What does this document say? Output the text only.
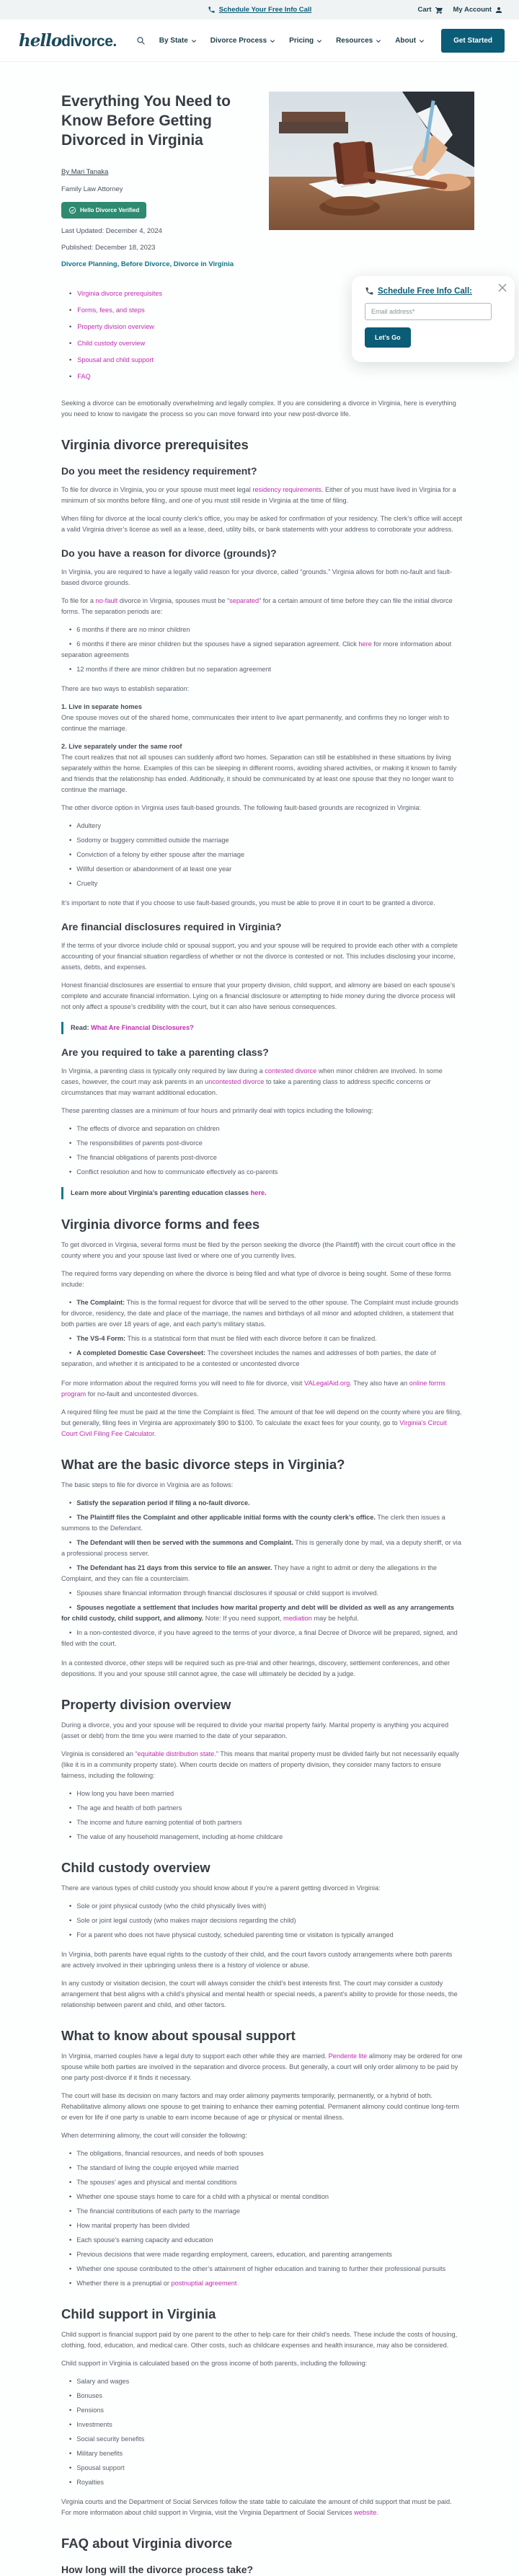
Schedule Your Free Info Call	Cart	My Account
hello divorce.	By State	Divorce Process	Pricing	Resources	About	Get Started
Everything You Need to Know Before Getting Divorced in Virginia
By Mari Tanaka
Family Law Attorney
Hello Divorce Verified
Last Updated: December 4, 2024
Published: December 18, 2023
Divorce Planning, Before Divorce, Divorce in Virginia
• Virginia divorce prerequisites
• Forms, fees, and steps
• Property division overview
• Child custody overview
• Spousal and child support
• FAQ

Seeking a divorce can be emotionally overwhelming and legally complex. If you are considering a divorce in Virginia, here is everything you need to know to navigate the process so you can move forward into your new post-divorce life.

Virginia divorce prerequisites
Do you meet the residency requirement?

To file for divorce in Virginia, you or your spouse must meet legal residency requirements. Either of you must have lived in Virginia for a minimum of six months before filing, and one of you must still reside in Virginia at the time of filing.

When filing for divorce at the local county clerk’s office, you may be asked for confirmation of your residency. The clerk’s office will accept a valid Virginia driver’s license as well as a lease, deed, utility bills, or bank statements with your address to corroborate your address.

Do you have a reason for divorce (grounds)?

In Virginia, you are required to have a legally valid reason for your divorce, called “grounds.” Virginia allows for both no-fault and fault-based divorce grounds.

To file for a no-fault divorce in Virginia, spouses must be “separated” for a certain amount of time before they can file the initial divorce forms. The separation periods are:

• 6 months if there are no minor children
• 6 months if there are minor children but the spouses have a signed separation agreement. Click here for more information about separation agreements
• 12 months if there are minor children but no separation agreement

There are two ways to establish separation:

1. Live in separate homes
One spouse moves out of the shared home, communicates their intent to live apart permanently, and confirms they no longer wish to continue the marriage.

2. Live separately under the same roof
The court realizes that not all spouses can suddenly afford two homes. Separation can still be established in these situations by living separately within the home. Examples of this can be sleeping in different rooms, avoiding shared activities, or making it known to family and friends that the relationship has ended. Additionally, it should be communicated by at least one spouse that they no longer want to continue the marriage.

The other divorce option in Virginia uses fault-based grounds. The following fault-based grounds are recognized in Virginia:

• Adultery
• Sodomy or buggery committed outside the marriage
• Conviction of a felony by either spouse after the marriage
• Willful desertion or abandonment of at least one year
• Cruelty

It’s important to note that if you choose to use fault-based grounds, you must be able to prove it in court to be granted a divorce.

Are financial disclosures required in Virginia?

If the terms of your divorce include child or spousal support, you and your spouse will be required to provide each other with a complete accounting of your financial situation regardless of whether or not the divorce is contested or not. This includes disclosing your income, assets, debts, and expenses.

Honest financial disclosures are essential to ensure that your property division, child support, and alimony are based on each spouse’s complete and accurate financial information. Lying on a financial disclosure or attempting to hide money during the divorce process will not only affect a spouse’s credibility with the court, but it can also have serious consequences.

Read: What Are Financial Disclosures?
Are you required to take a parenting class?

In Virginia, a parenting class is typically only required by law during a contested divorce when minor children are involved. In some cases, however, the court may ask parents in an uncontested divorce to take a parenting class to address specific concerns or circumstances that may warrant additional education.

These parenting classes are a minimum of four hours and primarily deal with topics including the following:

• The effects of divorce and separation on children
• The responsibilities of parents post-divorce
• The financial obligations of parents post-divorce
• Conflict resolution and how to communicate effectively as co-parents
Learn more about Virginia’s parenting education classes here.
Virginia divorce forms and fees

To get divorced in Virginia, several forms must be filed by the person seeking the divorce (the Plaintiff) with the circuit court office in the county where you and your spouse last lived or where one of you currently lives.

The required forms vary depending on where the divorce is being filed and what type of divorce is being sought. Some of these forms include:

• The Complaint: This is the formal request for divorce that will be served to the other spouse. The Complaint must include grounds for divorce, residency, the date and place of the marriage, the names and birthdays of all minor and adopted children, a statement that both parties are over 18 years of age, and each party’s military status.
• The VS-4 Form: This is a statistical form that must be filed with each divorce before it can be finalized.
• A completed Domestic Case Coversheet: The coversheet includes the names and addresses of both parties, the date of separation, and whether it is anticipated to be a contested or uncontested divorce

For more information about the required forms you will need to file for divorce, visit VALegalAid.org. They also have an online forms program for no-fault and uncontested divorces.

A required filing fee must be paid at the time the Complaint is filed. The amount of that fee will depend on the county where you are filing, but generally, filing fees in Virginia are approximately $90 to $100. To calculate the exact fees for your county, go to Virginia’s Circuit Court Civil Filing Fee Calculator.

What are the basic divorce steps in Virginia?

The basic steps to file for divorce in Virginia are as follows:

• Satisfy the separation period if filing a no-fault divorce.
• The Plaintiff files the Complaint and other applicable initial forms with the county clerk’s office. The clerk then issues a summons to the Defendant.
• The Defendant will then be served with the summons and Complaint. This is generally done by mail, via a deputy sheriff, or via a professional process server.
• The Defendant has 21 days from this service to file an answer. They have a right to admit or deny the allegations in the Complaint, and they can file a counterclaim.
• Spouses share financial information through financial disclosures if spousal or child support is involved.
• Spouses negotiate a settlement that includes how marital property and debt will be divided as well as any arrangements for child custody, child support, and alimony. Note: If you need support, mediation may be helpful.
• In a non-contested divorce, if you have agreed to the terms of your divorce, a final Decree of Divorce will be prepared, signed, and filed with the court.

In a contested divorce, other steps will be required such as pre-trial and other hearings, discovery, settlement conferences, and other depositions. If you and your spouse still cannot agree, the case will ultimately be decided by a judge.

Property division overview

During a divorce, you and your spouse will be required to divide your marital property fairly. Marital property is anything you acquired (asset or debt) from the time you were married to the date of your separation.

Virginia is considered an “equitable distribution state.” This means that marital property must be divided fairly but not necessarily equally (like it is in a community property state). When courts decide on matters of property division, they consider many factors to ensure fairness, including the following:

• How long you have been married
• The age and health of both partners
• The income and future earning potential of both partners
• The value of any household management, including at-home childcare
Child custody overview

There are various types of child custody you should know about if you’re a parent getting divorced in Virginia:

• Sole or joint physical custody (who the child physically lives with)
• Sole or joint legal custody (who makes major decisions regarding the child)
• For a parent who does not have physical custody, scheduled parenting time or visitation is typically arranged

In Virginia, both parents have equal rights to the custody of their child, and the court favors custody arrangements where both parents are actively involved in their upbringing unless there is a history of violence or abuse.

In any custody or visitation decision, the court will always consider the child’s best interests first. The court may consider a custody arrangement that best aligns with a child’s physical and mental health or special needs, a parent’s ability to provide for those needs, the relationship between parent and child, and other factors.

What to know about spousal support

In Virginia, married couples have a legal duty to support each other while they are married. Pendente lite alimony may be ordered for one spouse while both parties are involved in the separation and divorce process. But generally, a court will only order alimony to be paid by one party post-divorce if it finds it necessary.

The court will base its decision on many factors and may order alimony payments temporarily, permanently, or a hybrid of both. Rehabilitative alimony allows one spouse to get training to enhance their earning potential. Permanent alimony could continue long-term or even for life if one party is unable to earn income because of age or physical or mental illness.

When determining alimony, the court will consider the following:

• The obligations, financial resources, and needs of both spouses
• The standard of living the couple enjoyed while married
• The spouses’ ages and physical and mental conditions
• Whether one spouse stays home to care for a child with a physical or mental condition
• The financial contributions of each party to the marriage
• How marital property has been divided
• Each spouse’s earning capacity and education
• Previous decisions that were made regarding employment, careers, education, and parenting arrangements
• Whether one spouse contributed to the other’s attainment of higher education and training to further their professional pursuits
• Whether there is a prenuptial or postnuptial agreement
Child support in Virginia

Child support is financial support paid by one parent to the other to help care for their child’s needs. These include the costs of housing, clothing, food, education, and medical care. Other costs, such as childcare expenses and health insurance, may also be considered.

Child support in Virginia is calculated based on the gross income of both parents, including the following:

• Salary and wages
• Bonuses
• Pensions
• Investments
• Social security benefits
• Military benefits
• Spousal support
• Royalties

Virginia courts and the Department of Social Services follow the state table to calculate the amount of child support that must be paid. For more information about child support in Virginia, visit the Virginia Department of Social Services website.

FAQ about Virginia divorce
How long will the divorce process take?
Schedule Free Info Call:
Email address* Let’s Go
